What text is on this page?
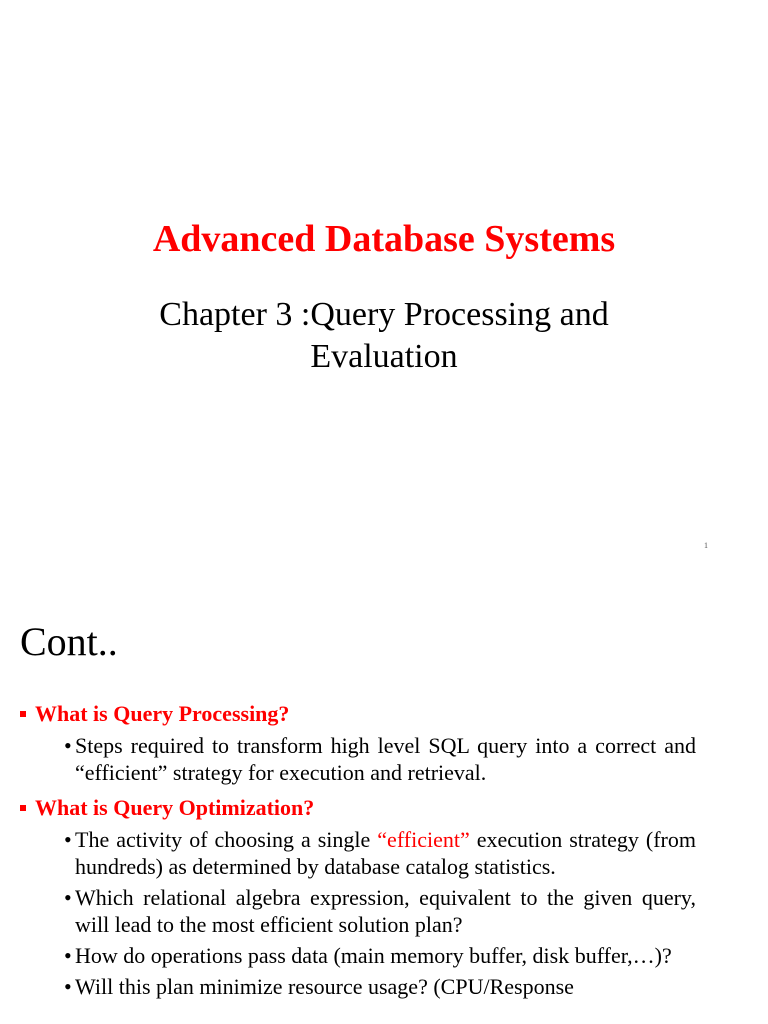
Advanced Database Systems
Chapter 3 :Query Processing and
Evaluation
1
Cont..
What is Query Processing?
• Steps required to transform high level SQL query into a correct and “efficient” strategy for execution and retrieval.
What is Query Optimization?
• The activity of choosing a single “efficient” execution strategy (from hundreds) as determined by database catalog statistics.
• Which relational algebra expression, equivalent to the given query, will lead to the most efficient solution plan?
• How do operations pass data (main memory buffer, disk buffer,…)?
• Will this plan minimize resource usage? (CPU/Response
